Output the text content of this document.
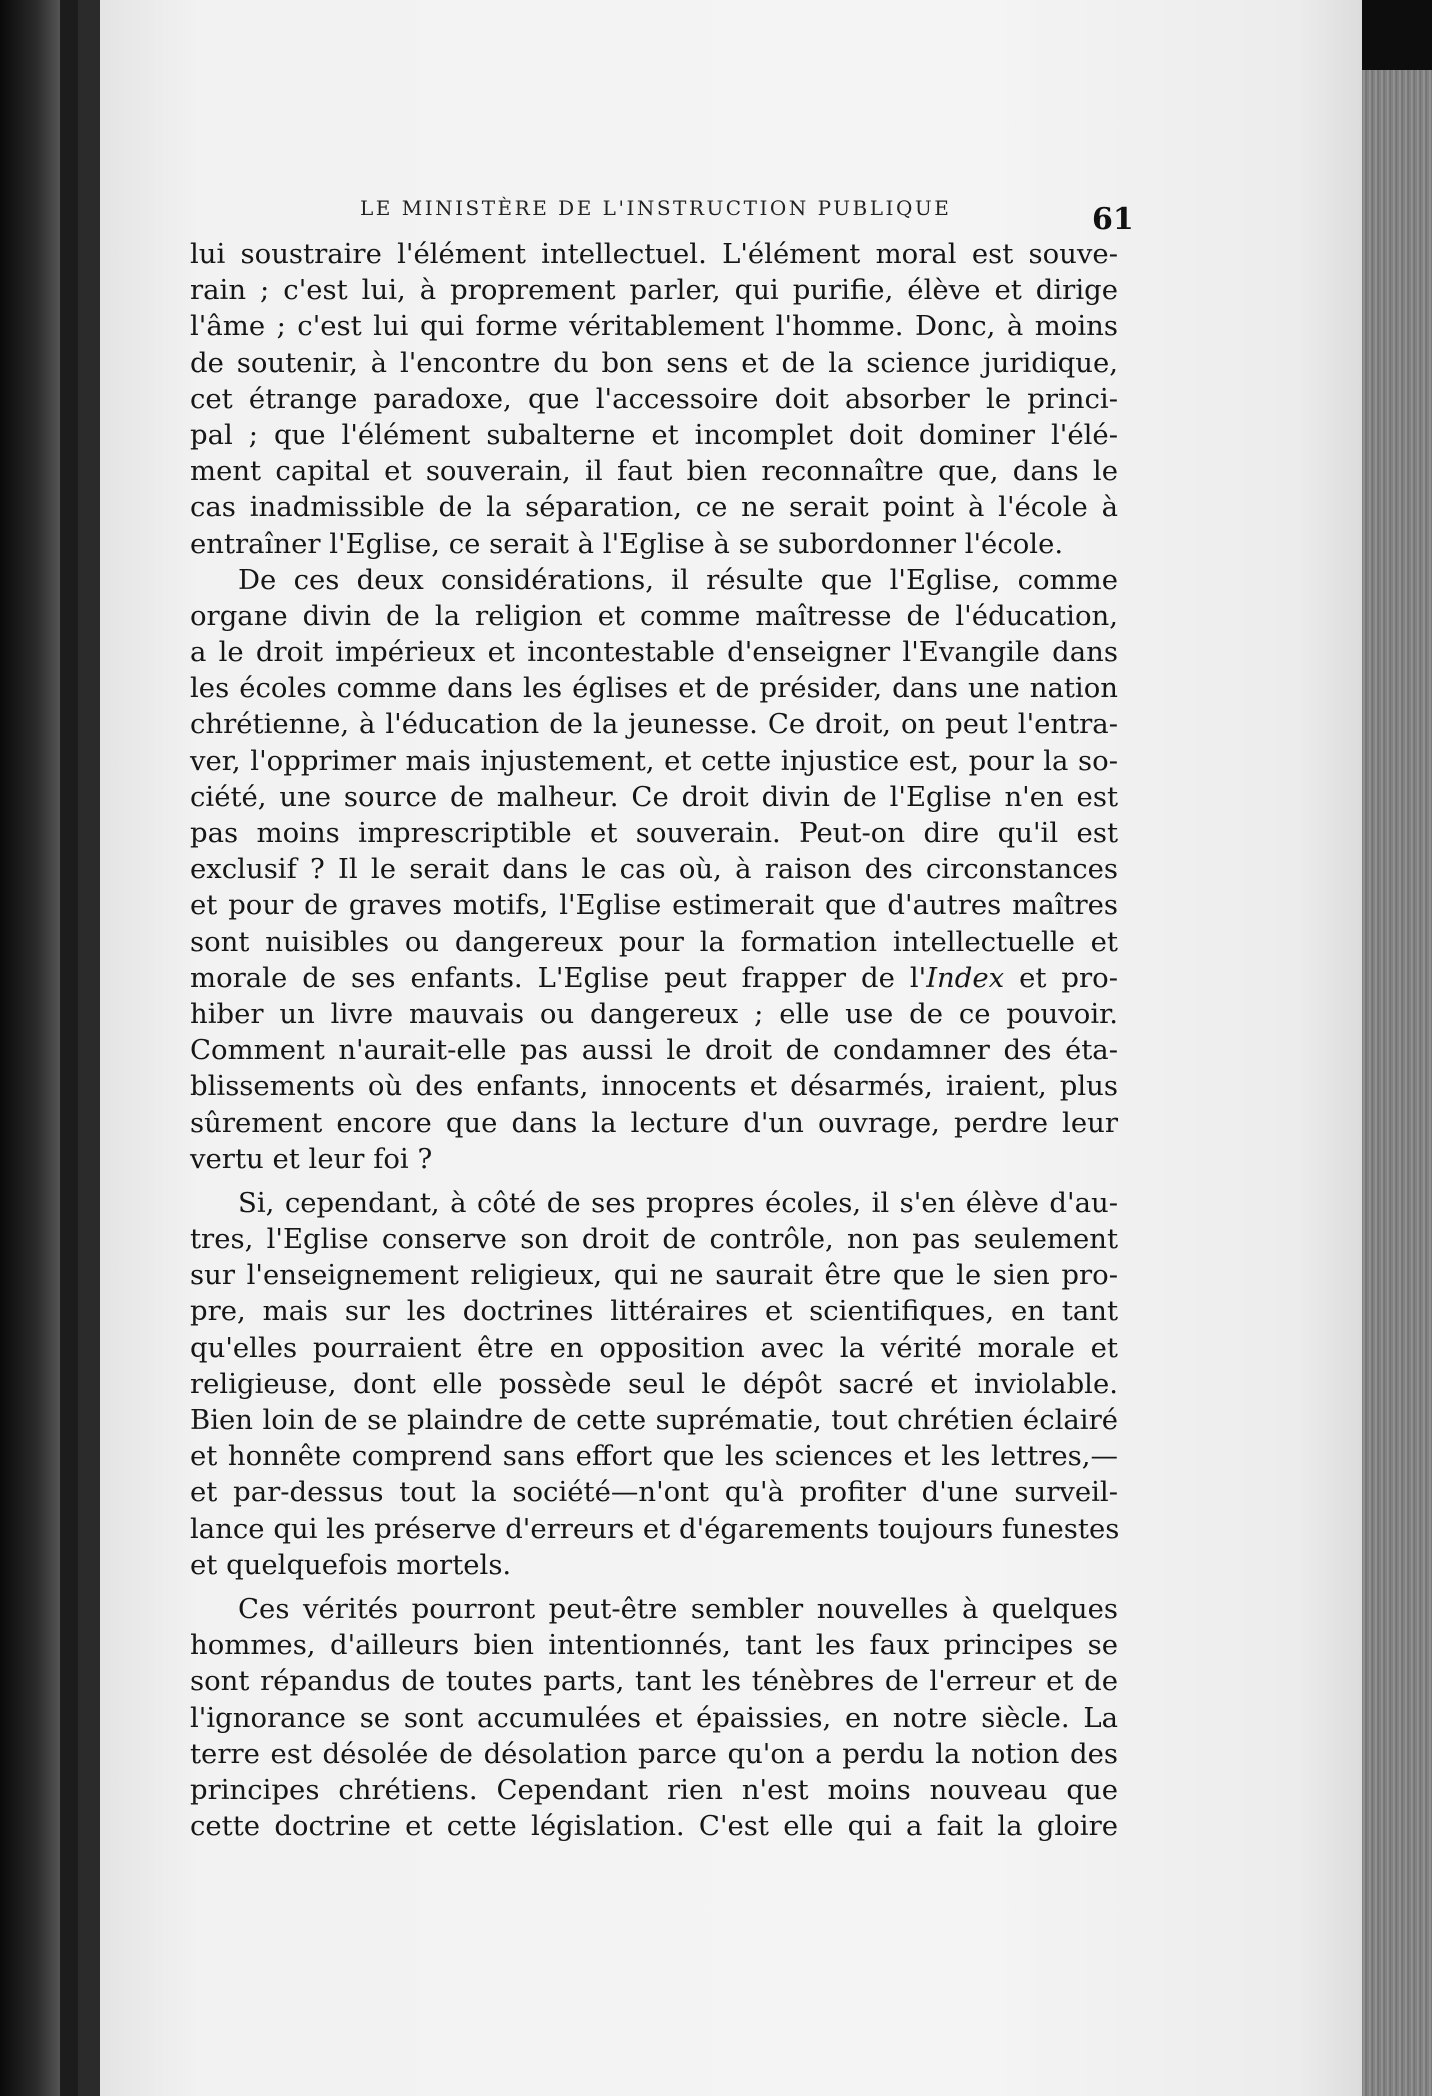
LE MINISTÈRE DE L'INSTRUCTION PUBLIQUE	61
lui soustraire l'élément intellectuel. L'élément moral est souve-
rain ; c'est lui, à proprement parler, qui purifie, élève et dirige
l'âme ; c'est lui qui forme véritablement l'homme. Donc, à moins
de soutenir, à l'encontre du bon sens et de la science juridique,
cet étrange paradoxe, que l'accessoire doit absorber le princi-
pal ; que l'élément subalterne et incomplet doit dominer l'élé-
ment capital et souverain, il faut bien reconnaître que, dans le
cas inadmissible de la séparation, ce ne serait point à l'école à
entraîner l'Eglise, ce serait à l'Eglise à se subordonner l'école.
De ces deux considérations, il résulte que l'Eglise, comme
organe divin de la religion et comme maîtresse de l'éducation,
a le droit impérieux et incontestable d'enseigner l'Evangile dans
les écoles comme dans les églises et de présider, dans une nation
chrétienne, à l'éducation de la jeunesse. Ce droit, on peut l'entra-
ver, l'opprimer mais injustement, et cette injustice est, pour la so-
ciété, une source de malheur. Ce droit divin de l'Eglise n'en est
pas moins imprescriptible et souverain. Peut-on dire qu'il est
exclusif ? Il le serait dans le cas où, à raison des circonstances
et pour de graves motifs, l'Eglise estimerait que d'autres maîtres
sont nuisibles ou dangereux pour la formation intellectuelle et
morale de ses enfants. L'Eglise peut frapper de l'Index et pro-
hiber un livre mauvais ou dangereux ; elle use de ce pouvoir.
Comment n'aurait-elle pas aussi le droit de condamner des éta-
blissements où des enfants, innocents et désarmés, iraient, plus
sûrement encore que dans la lecture d'un ouvrage, perdre leur
vertu et leur foi ?
Si, cependant, à côté de ses propres écoles, il s'en élève d'au-
tres, l'Eglise conserve son droit de contrôle, non pas seulement
sur l'enseignement religieux, qui ne saurait être que le sien pro-
pre, mais sur les doctrines littéraires et scientifiques, en tant
qu'elles pourraient être en opposition avec la vérité morale et
religieuse, dont elle possède seul le dépôt sacré et inviolable.
Bien loin de se plaindre de cette suprématie, tout chrétien éclairé
et honnête comprend sans effort que les sciences et les lettres,—
et par-dessus tout la société—n'ont qu'à profiter d'une surveil-
lance qui les préserve d'erreurs et d'égarements toujours funestes
et quelquefois mortels.
Ces vérités pourront peut-être sembler nouvelles à quelques
hommes, d'ailleurs bien intentionnés, tant les faux principes se
sont répandus de toutes parts, tant les ténèbres de l'erreur et de
l'ignorance se sont accumulées et épaissies, en notre siècle. La
terre est désolée de désolation parce qu'on a perdu la notion des
principes chrétiens. Cependant rien n'est moins nouveau que
cette doctrine et cette législation. C'est elle qui a fait la gloire
